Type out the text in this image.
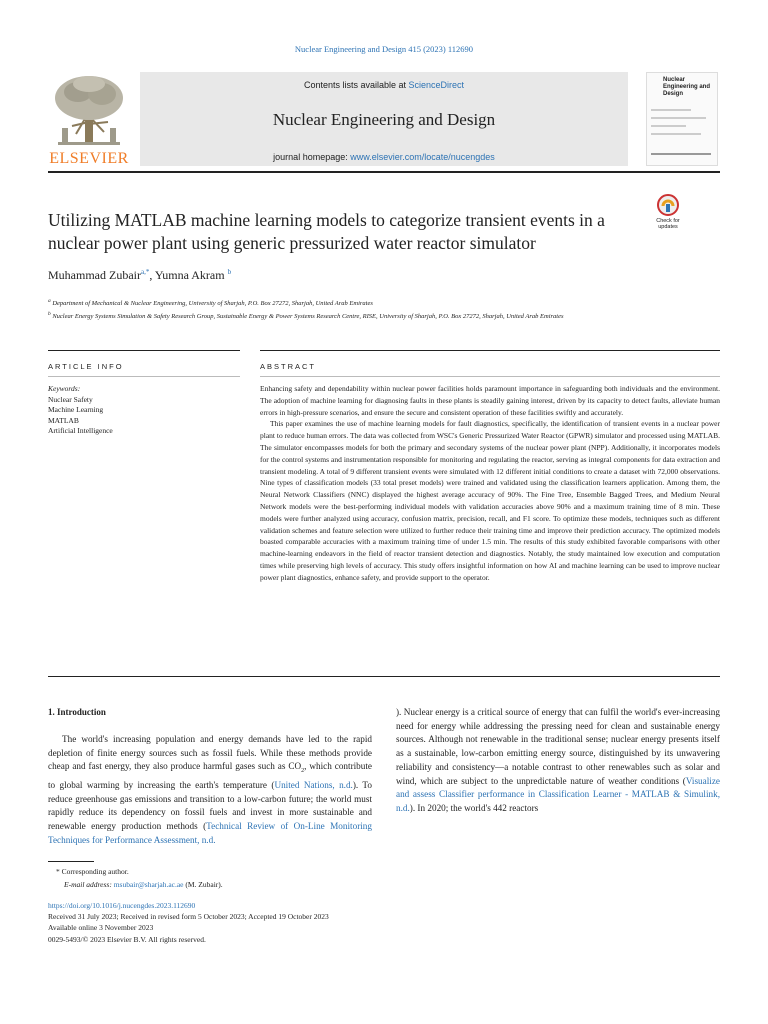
Nuclear Engineering and Design 415 (2023) 112690
ELSEVIER
Contents lists available at ScienceDirect
Nuclear Engineering and Design
journal homepage: www.elsevier.com/locate/nucengdes
Nuclear Engineering and Design
Utilizing MATLAB machine learning models to categorize transient events in a nuclear power plant using generic pressurized water reactor simulator
Check for updates
Muhammad Zubair$^{a,*}$, Yumna Akram $^b$
$^a$ Department of Mechanical & Nuclear Engineering, University of Sharjah, P.O. Box 27272, Sharjah, United Arab Emirates
$^b$ Nuclear Energy Systems Simulation & Safety Research Group, Sustainable Energy & Power Systems Research Centre, RISE, University of Sharjah, P.O. Box 27272, Sharjah, United Arab Emirates
ARTICLE INFO	ABSTRACT
Keywords:
Nuclear Safety
Machine Learning
MATLAB
Artificial Intelligence

Enhancing safety and dependability within nuclear power facilities holds paramount importance in safeguarding both individuals and the environment. The adoption of machine learning for diagnosing faults in these plants is steadily gaining interest, driven by its capacity to detect faults, alleviate human errors in high-pressure scenarios, and ensure the secure and consistent operation of these facilities swiftly and accurately.

This paper examines the use of machine learning models for fault diagnostics, specifically, the identification of transient events in a nuclear power plant to reduce human errors. The data was collected from WSC's Generic Pressurized Water Reactor (GPWR) simulator and processed using MATLAB. The simulator encompasses models for both the primary and secondary systems of the nuclear power plant (NPP). Additionally, it incorporates models for the control systems and instrumentation responsible for monitoring and regulating the reactor, serving as integral components for data extraction and transient modeling. A total of 9 different transient events were simulated with 12 different initial conditions to create a dataset with 72,000 observations. Nine types of classification models (33 total preset models) were trained and validated using the classification learners application. Among them, the Neural Network Classifiers (NNC) displayed the highest average accuracy of 90%. The Fine Tree, Ensemble Bagged Trees, and Medium Neural Network models were the best-performing individual models with validation accuracies above 90% and a maximum training time of 8 min. These models were further analyzed using accuracy, confusion matrix, precision, recall, and F1 score. To optimize these models, techniques such as different validation schemes and feature selection were utilized to further reduce their training time and improve their prediction accuracy. The optimized models boasted comparable accuracies with a maximum training time of under 1.5 min. The results of this study exhibited favorable comparisons with other machine-learning endeavors in the field of reactor transient detection and diagnostics. Notably, the study maintained low execution and computation times while preserving high levels of accuracy. This study offers insightful information on how AI and machine learning can be used to improve nuclear power plant diagnostics, enhance safety, and provide support to the operator.

1. Introduction

The world's increasing population and energy demands have led to the rapid depletion of finite energy sources such as fossil fuels. While these methods provide cheap and fast energy, they also produce harmful gases such as $CO_2$, which contribute to global warming by increasing the earth's temperature (United Nations, n.d.). To reduce greenhouse gas emissions and transition to a low-carbon future; the world must rapidly reduce its dependency on fossil fuels and invest in more sustainable and renewable energy production methods (Technical Review of On-Line Monitoring Techniques for Performance Assessment, n.d.

). Nuclear energy is a critical source of energy that can fulfil the world's ever-increasing need for energy while addressing the pressing need for clean and sustainable energy sources. Although not renewable in the traditional sense; nuclear energy presents itself as a sustainable, low-carbon emitting energy source, distinguished by its unwavering reliability and consistency—a notable contrast to other renewables such as solar and wind, which are subject to the unpredictable nature of weather conditions (Visualize and assess Classifier performance in Classification Learner - MATLAB & Simulink, n.d.). In 2020; the world's 442 reactors

* Corresponding author.
E-mail address: msubair@sharjah.ac.ae (M. Zubair).
https://doi.org/10.1016/j.nucengdes.2023.112690
Received 31 July 2023; Received in revised form 5 October 2023; Accepted 19 October 2023
Available online 3 November 2023
0029-5493/© 2023 Elsevier B.V. All rights reserved.
